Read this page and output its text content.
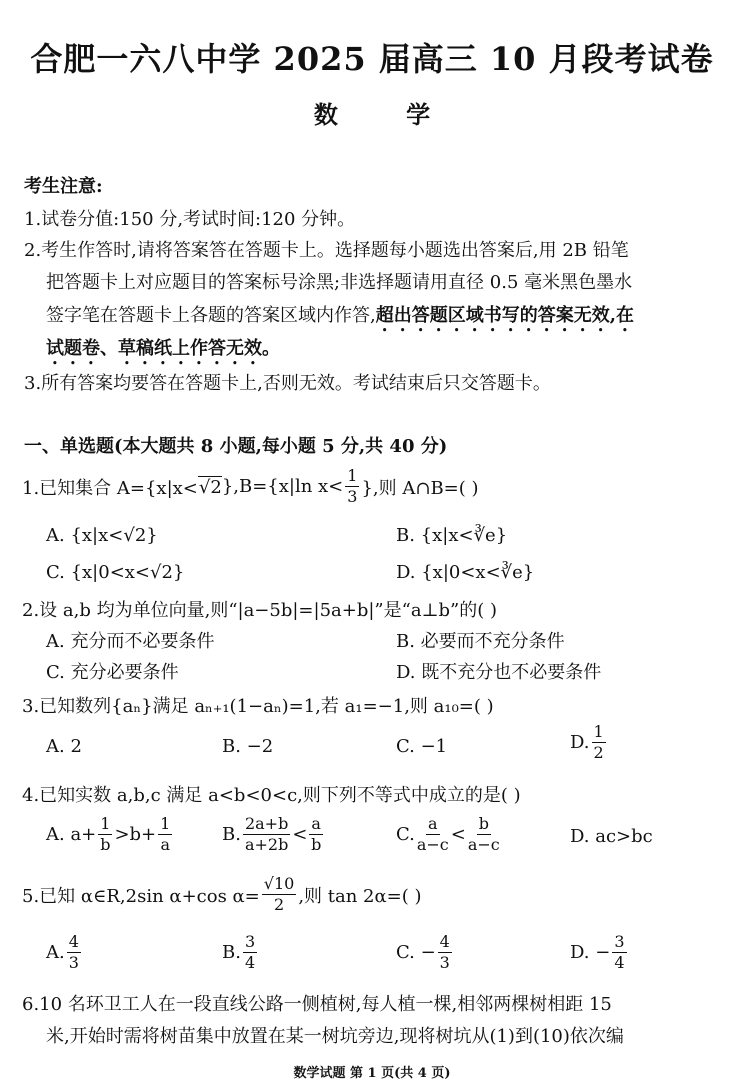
合肥一六八中学 2025 届高三 10 月段考试卷
数 学
考生注意:
1.试卷分值:150 分,考试时间:120 分钟。
2.考生作答时,请将答案答在答题卡上。选择题每小题选出答案后,用 2B 铅笔
把答题卡上对应题目的答案标号涂黑;非选择题请用直径 0.5 毫米黑色墨水
签字笔在答题卡上各题的答案区域内作答,超出答题区域书写的答案无效,在
试题卷、草稿纸上作答无效。
3.所有答案均要答在答题卡上,否则无效。考试结束后只交答题卡。
一、单选题(本大题共 8 小题,每小题 5 分,共 40 分)
1.已知集合 A={x|x< √2 },B={x|ln $x< \frac{1}{3}$ },则 A∩B=( )
A. {x|x<√2}	B. {x|x<∛e}
C. {x|0<x<√2}	D. {x|0<x<∛e}
2.设 a,b 均为单位向量,则“|a−5b|=|5a+b|”是“a⊥b”的( )
A. 充分而不必要条件	B. 必要而不充分条件
C. 充分必要条件	D. 既不充分也不必要条件
3.已知数列{aₙ}满足 aₙ₊₁(1−aₙ)=1,若 a₁=−1,则 a₁₀=( )
A. 2	B. −2	C. −1	D. $\frac{1}{2}$
4.已知实数 a,b,c 满足 a<b<0<c,则下列不等式中成立的是( )
A. $a+ \frac{1}{b} >b+ \frac{1}{a}$	B. $\frac{2a+b}{a+2b} < \frac{a}{b}$	C. $\frac{a}{a-c} < \frac{b}{a-c}$	D. ac>bc
5.已知 α∈R,2sin α+cos $\alpha= \frac{√10}{2}$ ,则 tan 2α=( )
A. $\frac{4}{3}$	B. $\frac{3}{4}$	C. − $\frac{4}{3}$	D. − $\frac{3}{4}$
6.10 名环卫工人在一段直线公路一侧植树,每人植一棵,相邻两棵树相距 15
米,开始时需将树苗集中放置在某一树坑旁边,现将树坑从(1)到(10)依次编
数学试题 第 1 页(共 4 页)
